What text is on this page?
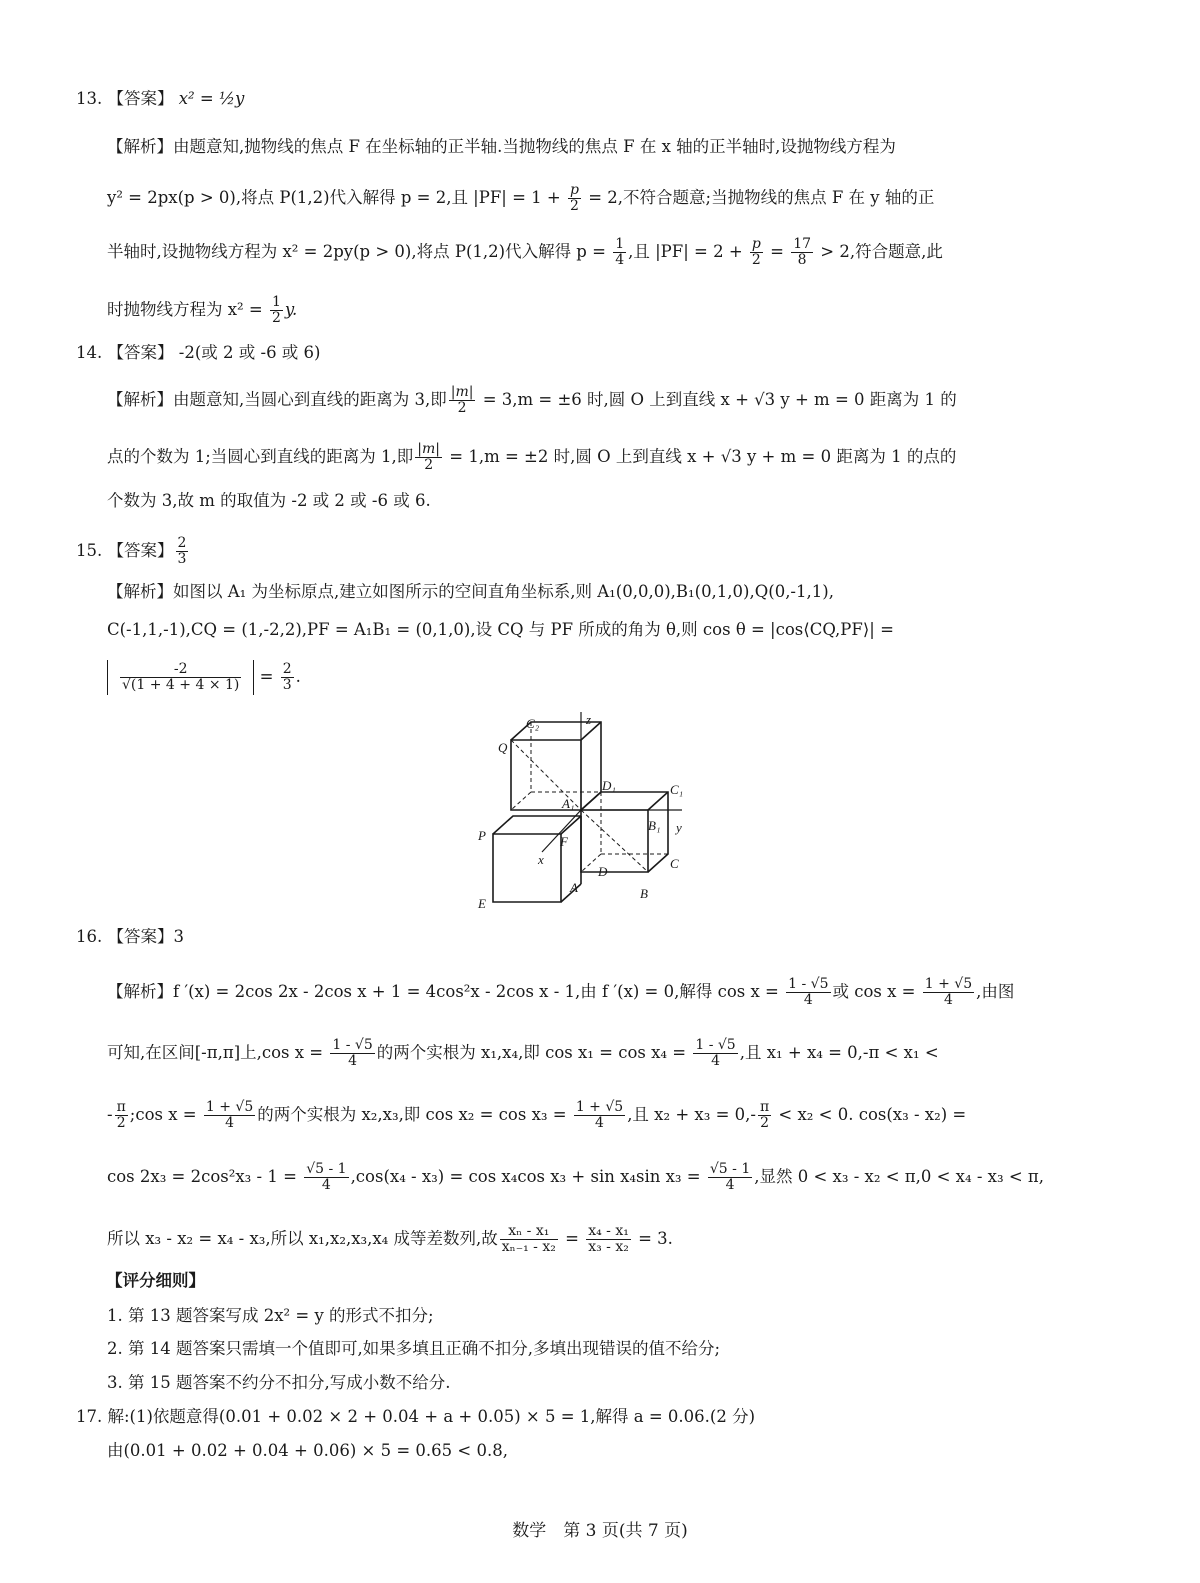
13. 【答案】 x² = ½y
【解析】由题意知,抛物线的焦点 F 在坐标轴的正半轴.当抛物线的焦点 F 在 x 轴的正半轴时,设抛物线方程为
y² = 2px(p > 0),将点 P(1,2)代入解得 p = 2,且 $|PF| = 1 + \frac{p}{2} = 2$,不符合题意;当抛物线的焦点 F 在 y 轴的正
半轴时,设抛物线方程为 x² = 2py(p > 0),将点 P(1,2)代入解得 $p = \frac{1}{4}$ ,且 $|PF| = 2 + \frac{p}{2} = \frac{17}{8} > 2$,符合题意,此
时抛物线方程为 $x^2 = \frac{1}{2} y$.
14. 【答案】 -2(或 2 或 -6 或 6)
【解析】由题意知,当圆心到直线的距离为 3,即 $\frac{|m|}{2} = 3,m = \pm 6$ 时,圆 O 上到直线 x + √3 y + m = 0 距离为 1 的
点的个数为 1;当圆心到直线的距离为 1,即 $\frac{|m|}{2} = 1,m = \pm 2$ 时,圆 O 上到直线 x + √3 y + m = 0 距离为 1 的点的
个数为 3,故 m 的取值为 -2 或 2 或 -6 或 6.
15. 【答案】 $\frac{2}{3}$
【解析】如图以 A₁ 为坐标原点,建立如图所示的空间直角坐标系,则 A₁(0,0,0),B₁(0,1,0),Q(0,-1,1),
C(-1,1,-1),CQ = (1,-2,2),PF = A₁B₁ = (0,1,0),设 CQ 与 PF 所成的角为 θ,则 cos θ = |cos⟨CQ,PF⟩| =
$\frac{-2}{√(1 + 4 + 4 \times 1)} = \frac{2}{3}$ .
C₂	z
Q
D₁	C₁
A₁
B₁ y
P	F
x	C
D
A	B
E
16. 【答案】3
【解析】f ′(x) = 2cos 2x - 2cos x + 1 = 4cos²x - 2cos x - 1,由 f ′(x) = 0,解得 $\cos x = \frac{1 - √5}{4}$ 或 $\cos x = \frac{1 + √5}{4}$ ,由图
可知,在区间[-π,π]上,cos $x = \frac{1 - √5}{4}$ 的两个实根为 x₁,x₄,即 $\cos x_1 = \cos x_4 = \frac{1 - √5}{4}$ ,且 x₁ + x₄ = 0,-π < x₁ <
- $\frac{\pi}{2}$ ;cos $x = \frac{1 + √5}{4}$ 的两个实根为 x₂,x₃,即 $\cos x_2 = \cos x_3 = \frac{1 + √5}{4}$ ,且 $x_2 + x_3 = 0,- \frac{\pi}{2} < x_2 < 0$. cos(x₃ - x₂) =
$\cos 2x_3 = 2\cos^2x_3 - 1 = \frac{√5 - 1}{4} ,\cos(x_4 - x_3) = \cos x_4\cos$ x₃ + sin x₄sin $x_3 = \frac{√5 - 1}{4}$ ,显然 0 < x₃ - x₂ < π,0 < x₄ - x₃ < π,
所以 x₃ - x₂ = x₄ - x₃,所以 x₁,x₂,x₃,x₄ 成等差数列,故 $\frac{\text{xₙ - x₁}}{\text{xₙ₋₁ - x₂}} = \frac{\text{x₄ - x₁}}{\text{x₃ - x₂}} = 3$.
【评分细则】
1. 第 13 题答案写成 2x² = y 的形式不扣分;
2. 第 14 题答案只需填一个值即可,如果多填且正确不扣分,多填出现错误的值不给分;
3. 第 15 题答案不约分不扣分,写成小数不给分.
17. 解:(1)依题意得(0.01 + 0.02 × 2 + 0.04 + a + 0.05) × 5 = 1,解得 a = 0.06.(2 分)
由(0.01 + 0.02 + 0.04 + 0.06) × 5 = 0.65 < 0.8,
数学　第 3 页(共 7 页)
